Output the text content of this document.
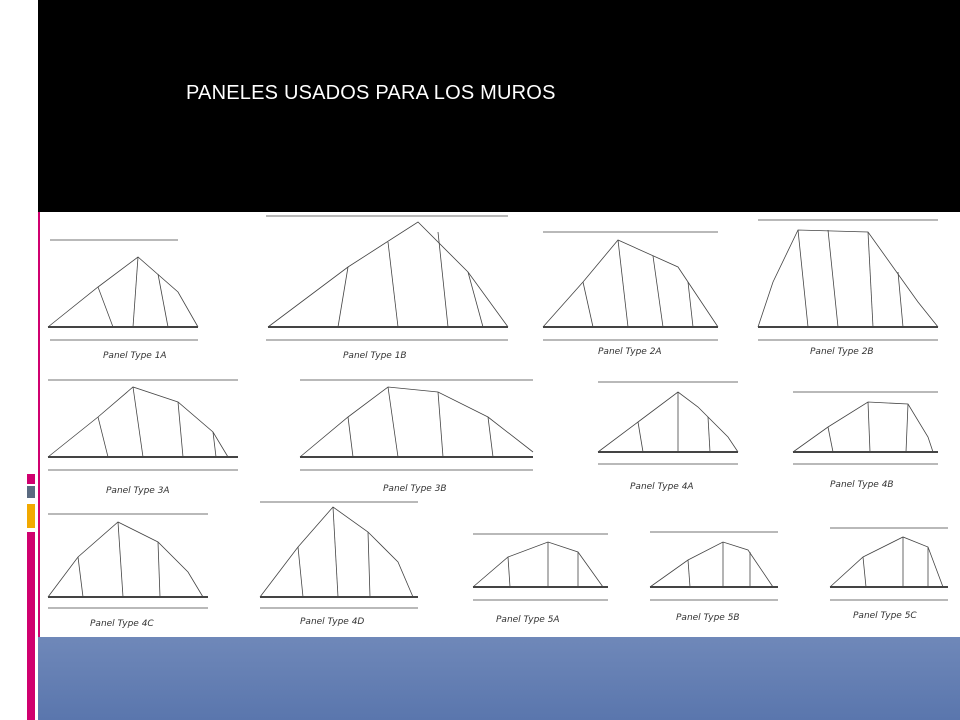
PANELES USADOS PARA LOS MUROS
Panel Type 1A	Panel Type 1B	Panel Type 2A	Panel Type 2B
Panel Type 3A	Panel Type 3B	Panel Type 4A	Panel Type 4B
Panel Type 4C	Panel Type 4D	Panel Type 5A	Panel Type 5B	Panel Type 5C
